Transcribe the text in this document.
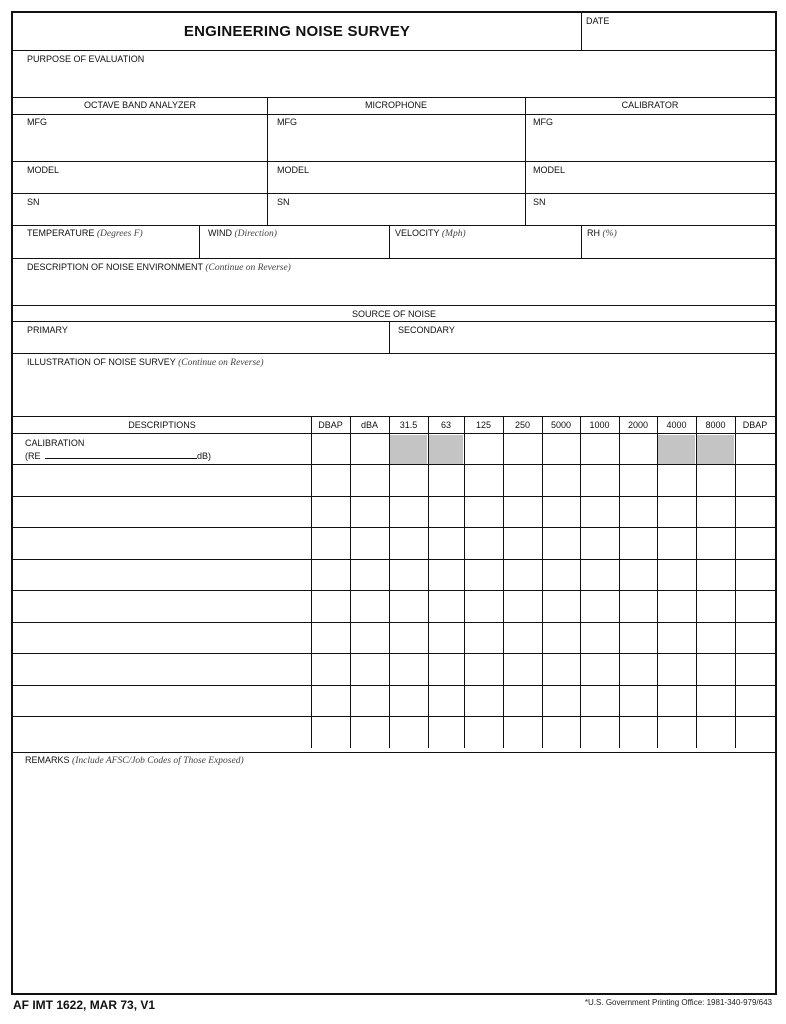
ENGINEERING NOISE SURVEY
DATE
PURPOSE OF EVALUATION
OCTAVE BAND ANALYZER	MICROPHONE	CALIBRATOR
MFG	MFG	MFG
MODEL	MODEL	MODEL
SN	SN	SN
TEMPERATURE (Degrees F)	WIND (Direction)	VELOCITY (Mph)	RH (%)
DESCRIPTION OF NOISE ENVIRONMENT (Continue on Reverse)
SOURCE OF NOISE
PRIMARY	SECONDARY
ILLUSTRATION OF NOISE SURVEY (Continue on Reverse)
DESCRIPTIONS	DBAP	dBA	31.5	63	125	250	5000	1000	2000	4000	8000	DBAP
CALIBRATION
(RE	dB)
REMARKS (Include AFSC/Job Codes of Those Exposed)
AF IMT 1622, MAR 73, V1	*U.S. Government Printing Office: 1981-340-979/643
